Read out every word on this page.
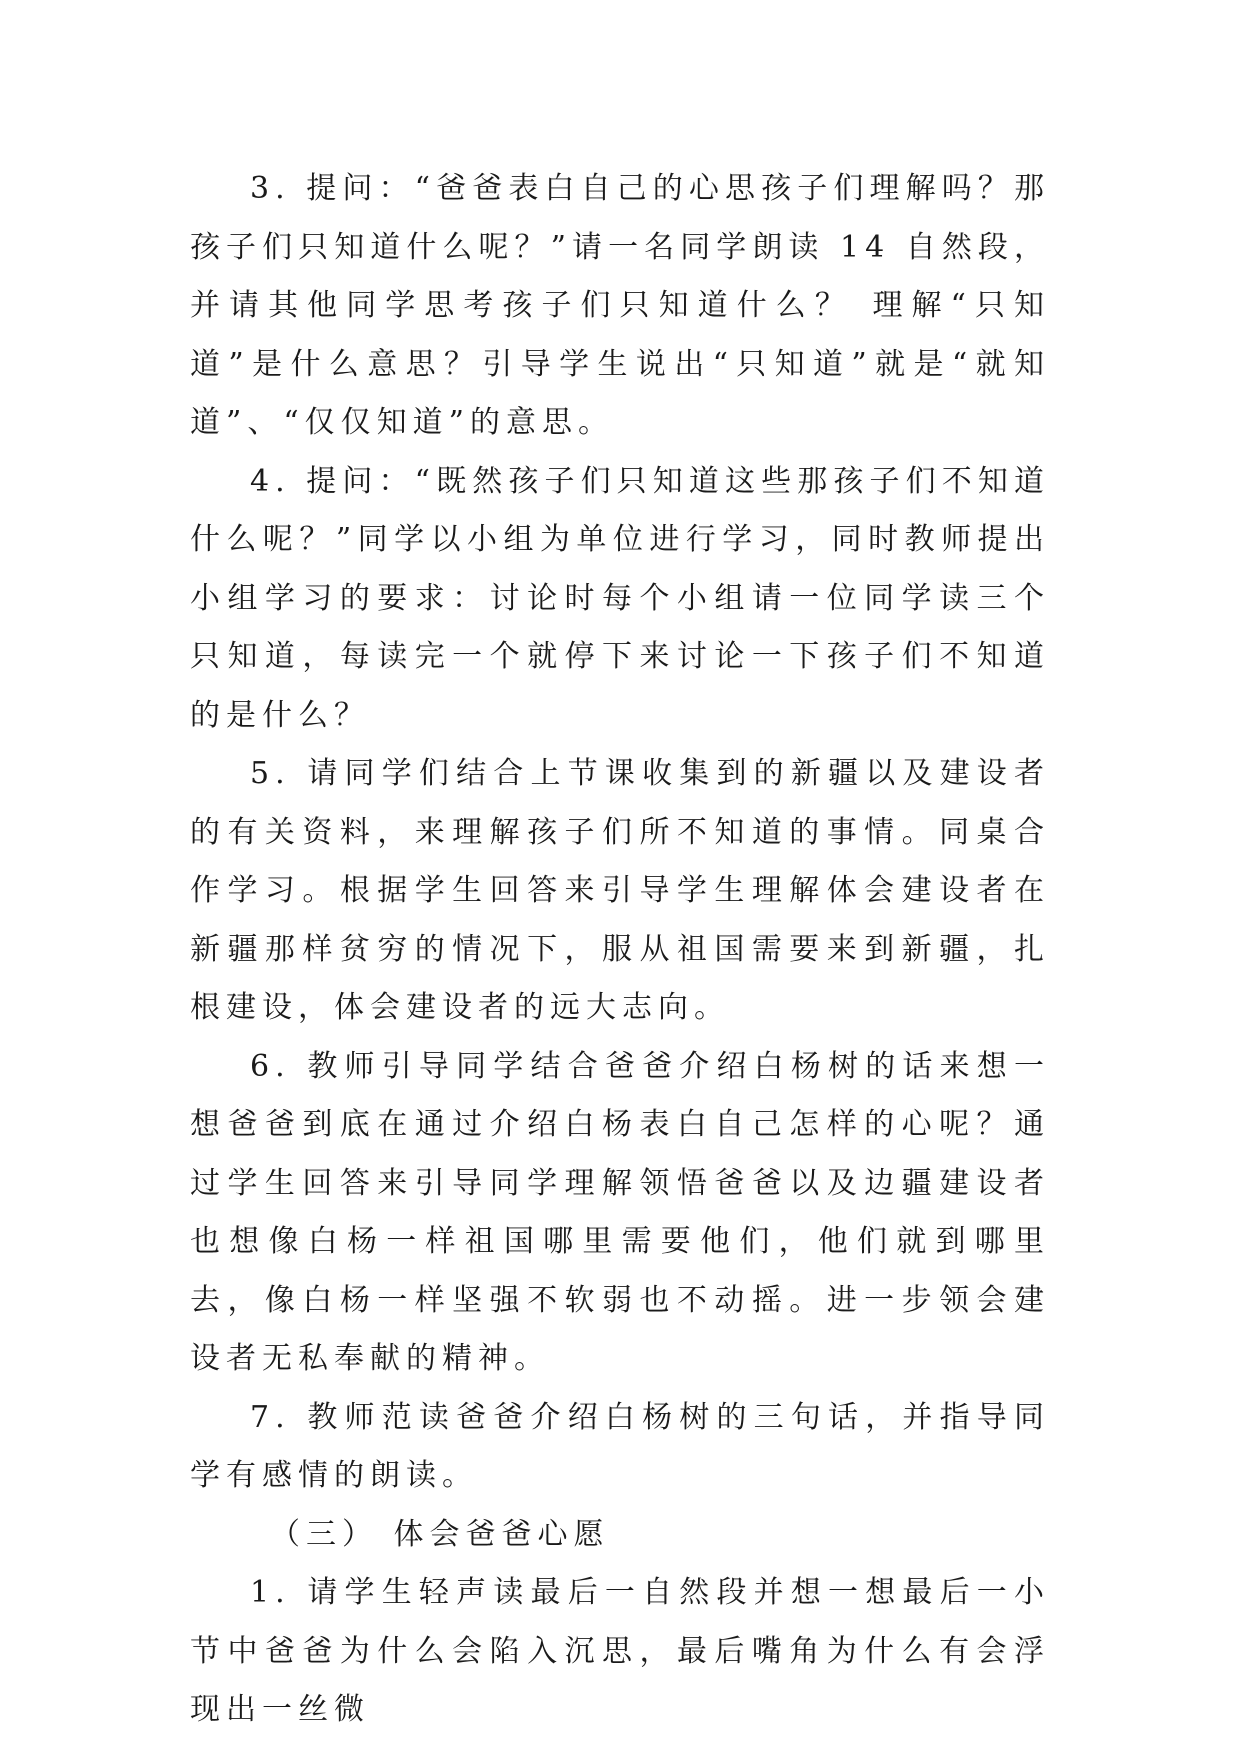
3. 提问：“爸爸表白自己的心思孩子们理解吗？那孩子们只知道什么呢？”请一名同学朗读 14 自然段，并请其他同学思考孩子们只知道什么？ 理解“只知道”是什么意思？引导学生说出“只知道”就是“就知道”、“仅仅知道”的意思。

4. 提问：“既然孩子们只知道这些那孩子们不知道什么呢？”同学以小组为单位进行学习，同时教师提出小组学习的要求：讨论时每个小组请一位同学读三个只知道，每读完一个就停下来讨论一下孩子们不知道的是什么？

5. 请同学们结合上节课收集到的新疆以及建设者的有关资料，来理解孩子们所不知道的事情。同桌合作学习。根据学生回答来引导学生理解体会建设者在新疆那样贫穷的情况下，服从祖国需要来到新疆，扎根建设，体会建设者的远大志向。

6. 教师引导同学结合爸爸介绍白杨树的话来想一想爸爸到底在通过介绍白杨表白自己怎样的心呢？通过学生回答来引导同学理解领悟爸爸以及边疆建设者也想像白杨一样祖国哪里需要他们，他们就到哪里去，像白杨一样坚强不软弱也不动摇。进一步领会建设者无私奉献的精神。

7. 教师范读爸爸介绍白杨树的三句话，并指导同学有感情的朗读。

（三） 体会爸爸心愿

1. 请学生轻声读最后一自然段并想一想最后一小节中爸爸为什么会陷入沉思，最后嘴角为什么有会浮现出一丝微
